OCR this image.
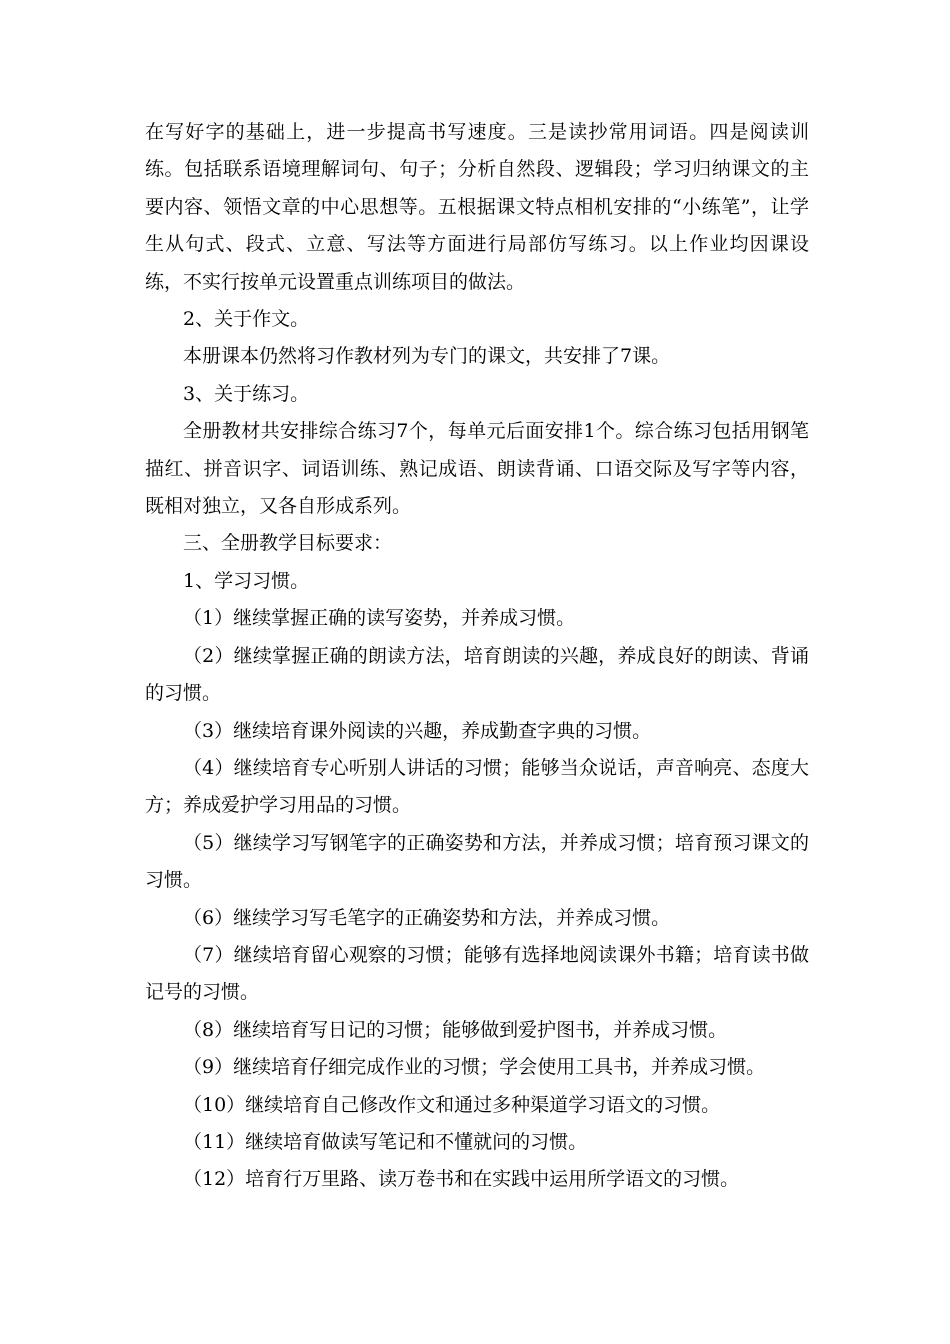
在写好字的基础上，进一步提高书写速度。三是读抄常用词语。四是阅读训练。包括联系语境理解词句、句子；分析自然段、逻辑段；学习归纳课文的主要内容、领悟文章的中心思想等。五根据课文特点相机安排的“小练笔”，让学生从句式、段式、立意、写法等方面进行局部仿写练习。以上作业均因课设练，不实行按单元设置重点训练项目的做法。

2、关于作文。

本册课本仍然将习作教材列为专门的课文，共安排了7课。

3、关于练习。

全册教材共安排综合练习7个，每单元后面安排1个。综合练习包括用钢笔描红、拼音识字、词语训练、熟记成语、朗读背诵、口语交际及写字等内容，既相对独立，又各自形成系列。

三、全册教学目标要求：

1、学习习惯。

（1）继续掌握正确的读写姿势，并养成习惯。

（2）继续掌握正确的朗读方法，培育朗读的兴趣，养成良好的朗读、背诵的习惯。

（3）继续培育课外阅读的兴趣，养成勤查字典的习惯。

（4）继续培育专心听别人讲话的习惯；能够当众说话，声音响亮、态度大方；养成爱护学习用品的习惯。

（5）继续学习写钢笔字的正确姿势和方法，并养成习惯；培育预习课文的习惯。

（6）继续学习写毛笔字的正确姿势和方法，并养成习惯。

（7）继续培育留心观察的习惯；能够有选择地阅读课外书籍；培育读书做记号的习惯。

（8）继续培育写日记的习惯；能够做到爱护图书，并养成习惯。

（9）继续培育仔细完成作业的习惯；学会使用工具书，并养成习惯。

（10）继续培育自己修改作文和通过多种渠道学习语文的习惯。

（11）继续培育做读写笔记和不懂就问的习惯。

（12）培育行万里路、读万卷书和在实践中运用所学语文的习惯。
